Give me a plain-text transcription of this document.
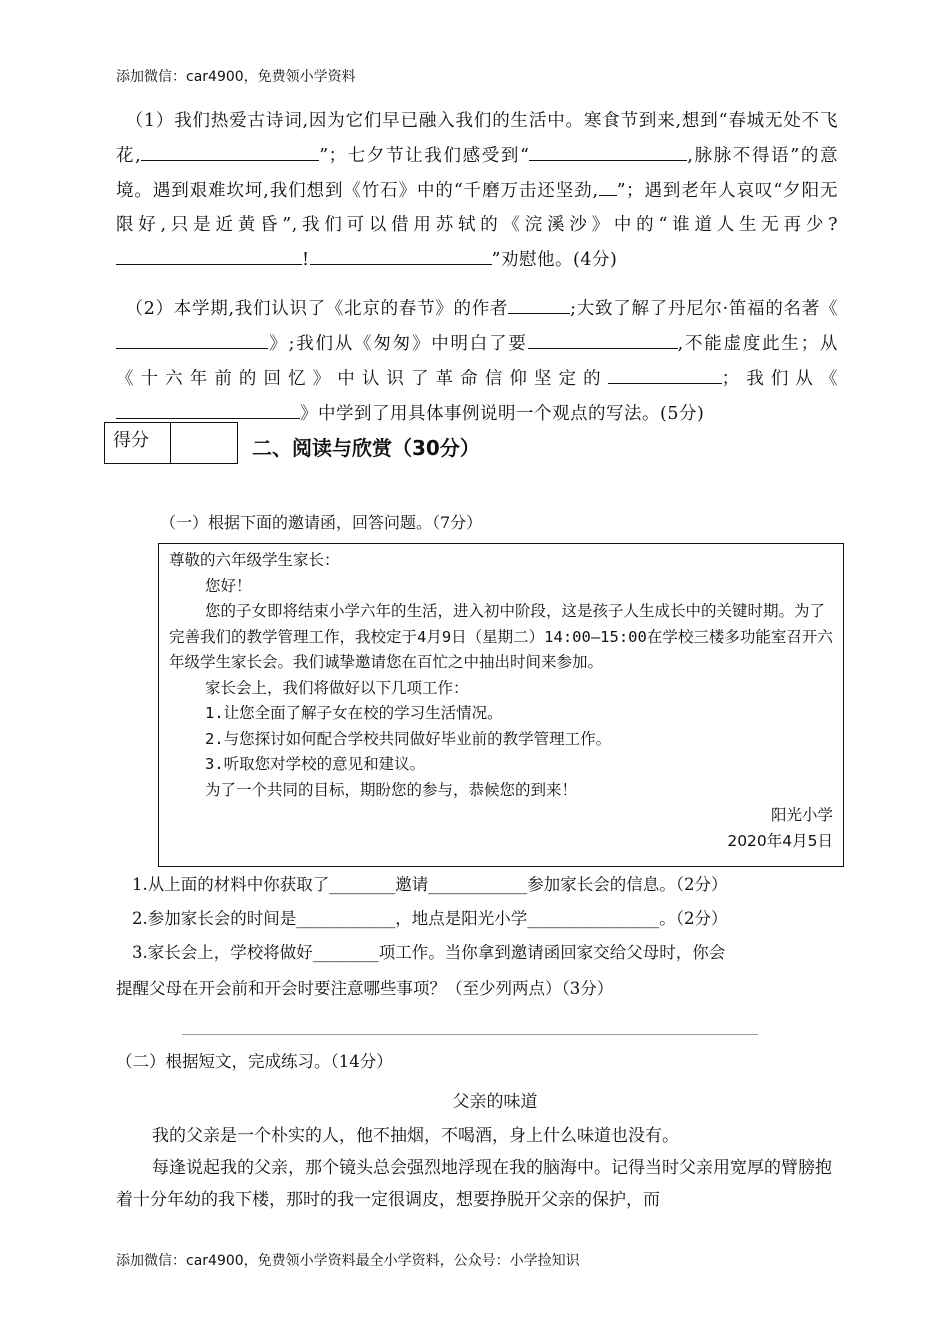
添加微信：car4900，免费领小学资料
　（1）我们热爱古诗词,因为它们早已融入我们的生活中。寒食节到来,想到“春城无处不飞花,	”；七夕节让我们感受到“	,脉脉不得语”的意境。遇到艰难坎坷,我们想到《竹石》中的“千磨万击还坚劲, ”；遇到老年人哀叹“夕阳无限好,只是近黄昏”,我们可以借用苏轼的《浣溪沙》中的“谁道人生无再少?!	”劝慰他。(4分)
　（2）本学期,我们认识了《北京的春节》的作者	;大致了解了丹尼尔·笛福的名著《》;我们从《匆匆》中明白了要	,不能虚度此生；从《十六年前的回忆》中认识了革命信仰坚定的	；我们从《》中学到了用具体事例说明一个观点的写法。(5分)
得分	二、阅读与欣赏（30分）
（一）根据下面的邀请函，回答问题。（7分）
尊敬的六年级学生家长：
您好！
您的子女即将结束小学六年的生活，进入初中阶段，这是孩子人生成长中的关键时期。为了完善我们的教学管理工作，我校定于4月9日（星期二）14:00—15:00在学校三楼多功能室召开六年级学生家长会。我们诚挚邀请您在百忙之中抽出时间来参加。
家长会上，我们将做好以下几项工作：
1.让您全面了解子女在校的学习生活情况。
2.与您探讨如何配合学校共同做好毕业前的教学管理工作。
3.听取您对学校的意见和建议。
为了一个共同的目标，期盼您的参与，恭候您的到来！
阳光小学
2020年4月5日
1.从上面的材料中你获取了________邀请____________参加家长会的信息。（2分）
2.参加家长会的时间是____________，地点是阳光小学________________。（2分）
3.家长会上，学校将做好________项工作。当你拿到邀请函回家交给父母时，你会
提醒父母在开会前和开会时要注意哪些事项？（至少列两点）（3分）
（二）根据短文，完成练习。（14分）
父亲的味道
我的父亲是一个朴实的人，他不抽烟，不喝酒，身上什么味道也没有。
每逢说起我的父亲，那个镜头总会强烈地浮现在我的脑海中。记得当时父亲用宽厚的臂膀抱着十分年幼的我下楼，那时的我一定很调皮，想要挣脱开父亲的保护，而
添加微信：car4900，免费领小学资料最全小学资料，公众号：小学捡知识
